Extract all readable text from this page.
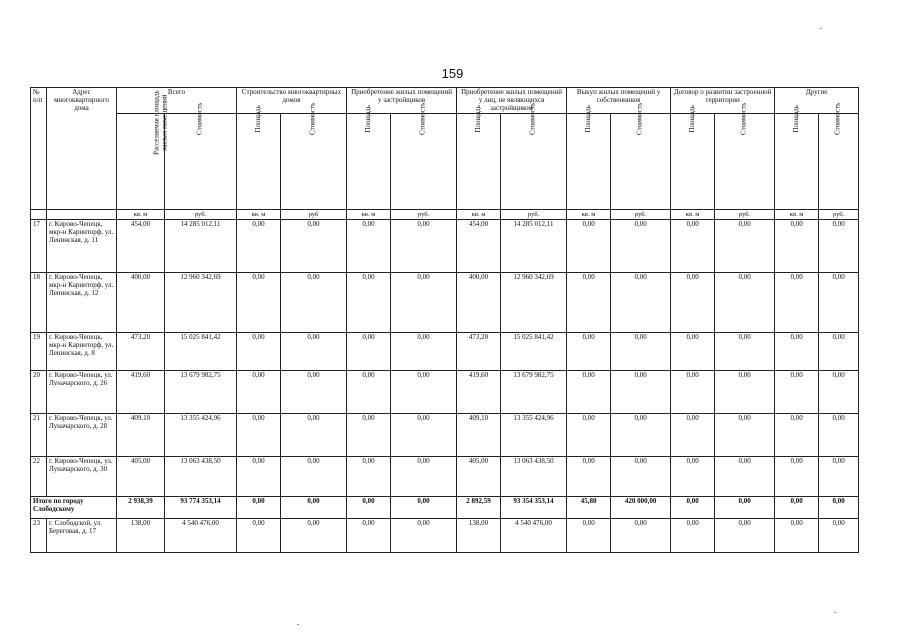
159
№ п/п	Адрес многоквартирного дома	Всего		Строительство многоквартирных домов		Приобретение жилых помещений у застройщиков		Приобретение жилых помещений у лиц, не являющихся застройщиком		Выкуп жилых помещений у собственников		Договор о развитии застроенной территории		Другие	
		Расселяемая площадь жилых помещений	Стоимость	Площадь	Стоимость	Площадь	Стоимость	Площадь	Стоимость	Площадь	Стоимость	Площадь	Стоимость	Площадь	Стоимость
		кв. м	руб.	кв. м	руб	кв. м	руб.	кв. м	руб.	кв. м	руб.	кв. м	руб.	кв. м	руб.
17	г. Кирово-Чепецк, мкр-н Каринторф, ул. Ленинская, д. 11	454,00	14 285 012,11	0,00	0,00	0,00	0,00	454,00	14 285 012,11	0,00	0,00	0,00	0,00	0,00	0,00
18	г. Кирово-Чепецк, мкр-н Каринторф, ул. Ленинская, д. 12	400,00	12 960 342,69	0,00	0,00	0,00	0,00	400,00	12 960 342,69	0,00	0,00	0,00	0,00	0,00	0,00
19	г. Кирово-Чепецк, мкр-н Каринторф, ул. Ленинская, д. 8	473,20	15 025 841,42	0,00	0,00	0,00	0,00	473,20	15 025 841,42	0,00	0,00	0,00	0,00	0,00	0,00
20	г. Кирово-Чепецк, ул. Луначарского, д. 26	419,60	13 679 982,75	0,00	0,00	0,00	0,00	419,60	13 679 982,75	0,00	0,00	0,00	0,00	0,00	0,00
21	г. Кирово-Чепецк, ул. Луначарского, д. 28	409,10	13 355 424,96	0,00	0,00	0,00	0,00	409,10	13 355 424,96	0,00	0,00	0,00	0,00	0,00	0,00
22	г. Кирово-Чепецк, ул. Луначарского, д. 30	405,00	13 063 438,50	0,00	0,00	0,00	0,00	405,00	13 063 438,50	0,00	0,00	0,00	0,00	0,00	0,00
Итого по городу Слободскому		2 938,39	93 774 353,14	0,00	0,00	0,00	0,00	2 892,59	93 354 353,14	45,80	420 000,00	0,00	0,00	0,00	0,00
23	г. Слободской, ул. Береговая, д. 17	138,00	4 540 476,00	0,00	0,00	0,00	0,00	138,00	4 540 476,00	0,00	0,00	0,00	0,00	0,00	0,00
